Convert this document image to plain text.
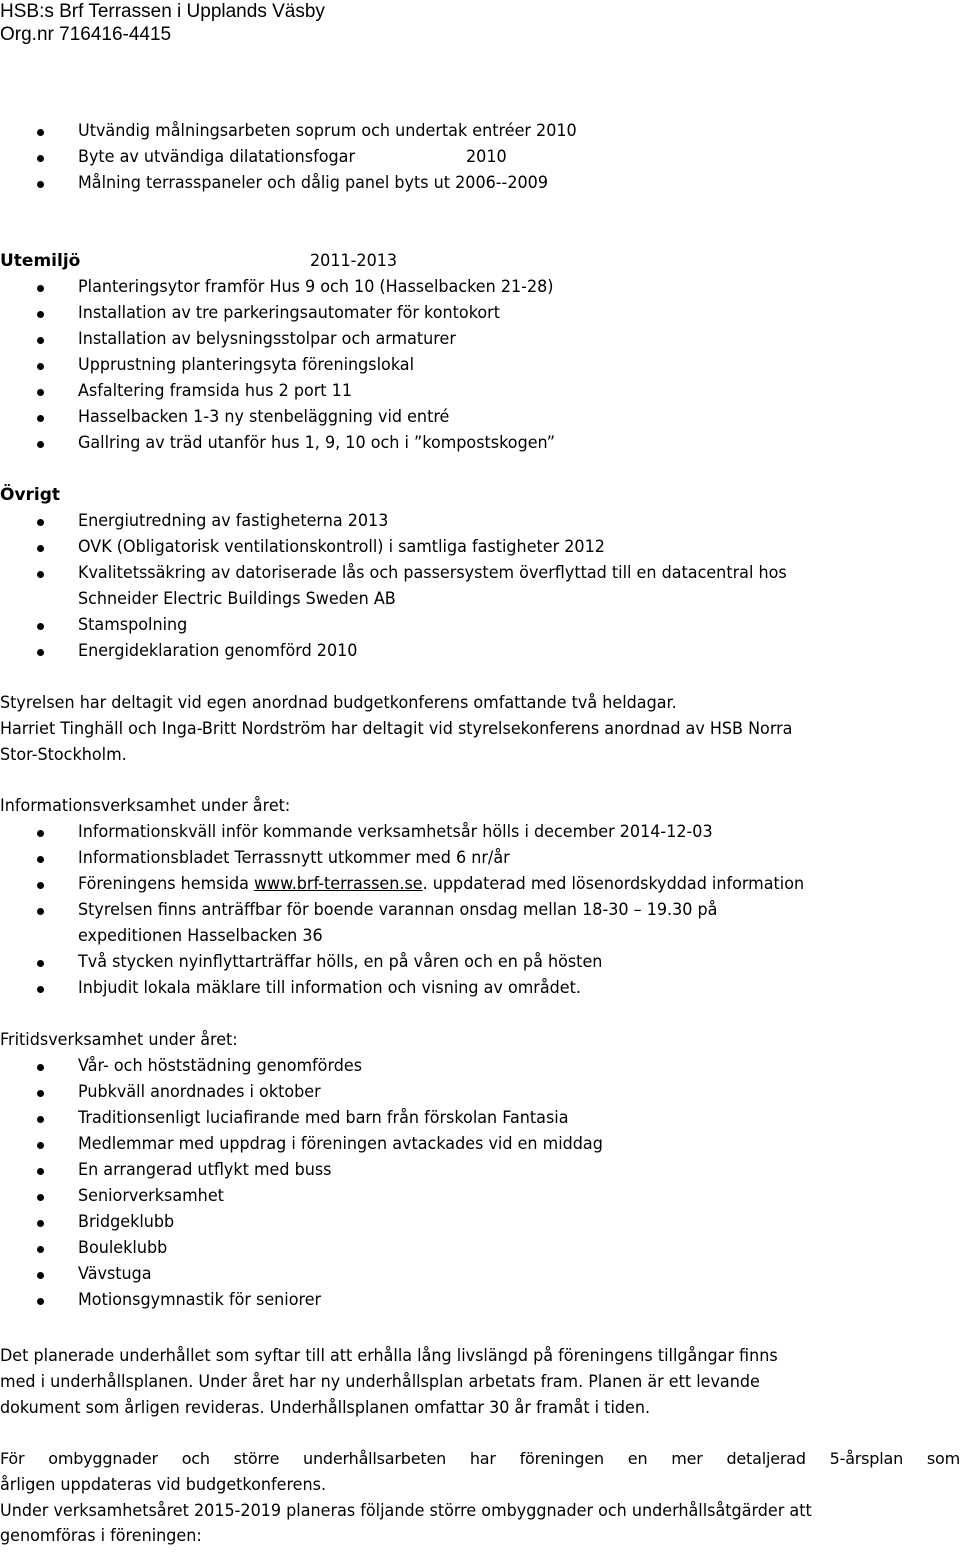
HSB:s Brf Terrassen i Upplands Väsby
Org.nr 716416-4415
Utvändig målningsarbeten soprum och undertak entréer 2010
Byte av utvändiga dilatationsfogar	2010
Målning terrasspaneler och dålig panel byts ut 2006--2009
Utemiljö	2011-2013
Planteringsytor framför Hus 9 och 10 (Hasselbacken 21-28)
Installation av tre parkeringsautomater för kontokort
Installation av belysningsstolpar och armaturer
Upprustning planteringsyta föreningslokal
Asfaltering framsida hus 2 port 11
Hasselbacken 1-3 ny stenbeläggning vid entré
Gallring av träd utanför hus 1, 9, 10 och i ”kompostskogen”
Övrigt
Energiutredning av fastigheterna 2013
OVK (Obligatorisk ventilationskontroll) i samtliga fastigheter 2012
Kvalitetssäkring av datoriserade lås och passersystem överflyttad till en datacentral hos
Schneider Electric Buildings Sweden AB
Stamspolning
Energideklaration genomförd 2010
Styrelsen har deltagit vid egen anordnad budgetkonferens omfattande två heldagar.
Harriet Tinghäll och Inga-Britt Nordström har deltagit vid styrelsekonferens anordnad av HSB Norra
Stor-Stockholm.
Informationsverksamhet under året:
Informationskväll inför kommande verksamhetsår hölls i december 2014-12-03
Informationsbladet Terrassnytt utkommer med 6 nr/år
Föreningens hemsida www.brf-terrassen.se. uppdaterad med lösenordskyddad information
Styrelsen finns anträffbar för boende varannan onsdag mellan 18-30 – 19.30 på
expeditionen Hasselbacken 36
Två stycken nyinflyttarträffar hölls, en på våren och en på hösten
Inbjudit lokala mäklare till information och visning av området.
Fritidsverksamhet under året:
Vår- och höststädning genomfördes
Pubkväll anordnades i oktober
Traditionsenligt luciafirande med barn från förskolan Fantasia
Medlemmar med uppdrag i föreningen avtackades vid en middag
En arrangerad utflykt med buss
Seniorverksamhet
Bridgeklubb
Bouleklubb
Vävstuga
Motionsgymnastik för seniorer
Det planerade underhållet som syftar till att erhålla lång livslängd på föreningens tillgångar finns
med i underhållsplanen. Under året har ny underhållsplan arbetats fram. Planen är ett levande
dokument som årligen revideras. Underhållsplanen omfattar 30 år framåt i tiden.
För ombyggnader och större underhållsarbeten har föreningen en mer detaljerad 5-årsplan som
årligen uppdateras vid budgetkonferens.
Under verksamhetsåret 2015-2019 planeras följande större ombyggnader och underhållsåtgärder att
genomföras i föreningen:
